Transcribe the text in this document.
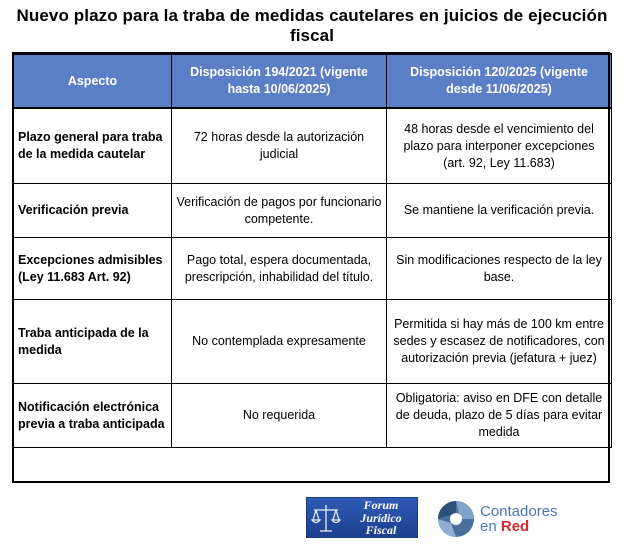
Nuevo plazo para la traba de medidas cautelares en juicios de ejecución fiscal
Aspecto	Disposición 194/2021 (vigente hasta 10/06/2025)	Disposición 120/2025 (vigente desde 11/06/2025)
Plazo general para traba de la medida cautelar	72 horas desde la autorización judicial	48 horas desde el vencimiento del plazo para interponer excepciones (art. 92, Ley 11.683)
Verificación previa	Verificación de pagos por funcionario competente.	Se mantiene la verificación previa.
Excepciones admisibles (Ley 11.683 Art. 92)	Pago total, espera documentada, prescripción, inhabilidad del título.	Sin modificaciones respecto de la ley base.
Traba anticipada de la medida	No contemplada expresamente	Permitida si hay más de 100 km entre sedes y escasez de notificadores, con autorización previa (jefatura + juez)
Notificación electrónica previa a traba anticipada	No requerida	Obligatoria: aviso en DFE con detalle de deuda, plazo de 5 días para evitar medida
Forum
Jurídico
Fiscal
Contadores
en Red
